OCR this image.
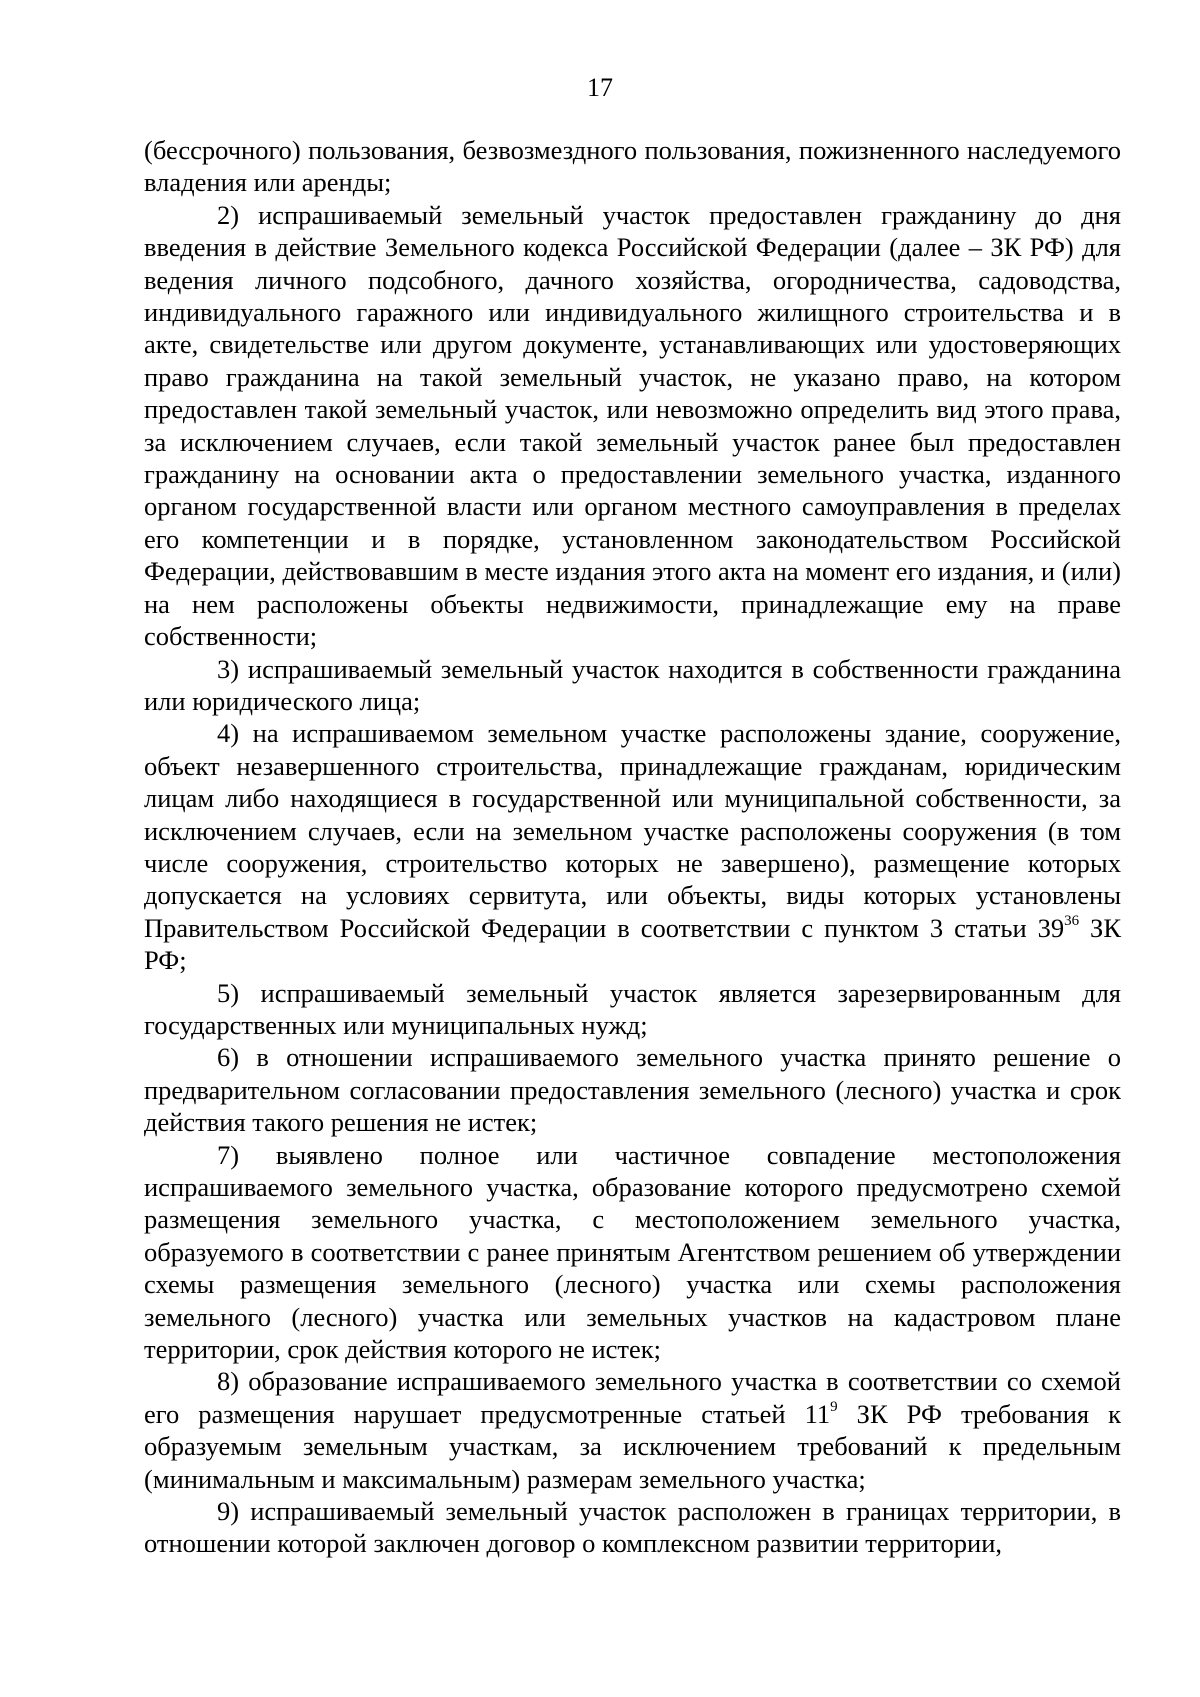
17

(бессрочного) пользования, безвозмездного пользования, пожизненного наследуемого владения или аренды;

2) испрашиваемый земельный участок предоставлен гражданину до дня введения в действие Земельного кодекса Российской Федерации (далее – ЗК РФ) для ведения личного подсобного, дачного хозяйства, огородничества, садоводства, индивидуального гаражного или индивидуального жилищного строительства и в акте, свидетельстве или другом документе, устанавливающих или удостоверяющих право гражданина на такой земельный участок, не указано право, на котором предоставлен такой земельный участок, или невозможно определить вид этого права, за исключением случаев, если такой земельный участок ранее был предоставлен гражданину на основании акта о предоставлении земельного участка, изданного органом государственной власти или органом местного самоуправления в пределах его компетенции и в порядке, установленном законодательством Российской Федерации, действовавшим в месте издания этого акта на момент его издания, и (или) на нем расположены объекты недвижимости, принадлежащие ему на праве собственности;

3) испрашиваемый земельный участок находится в собственности гражданина или юридического лица;

4) на испрашиваемом земельном участке расположены здание, сооружение, объект незавершенного строительства, принадлежащие гражданам, юридическим лицам либо находящиеся в государственной или муниципальной собственности, за исключением случаев, если на земельном участке расположены сооружения (в том числе сооружения, строительство которых не завершено), размещение которых допускается на условиях сервитута, или объекты, виды которых установлены Правительством Российской Федерации в соответствии с пунктом 3 статьи $39^{36}$ ЗК РФ;

5) испрашиваемый земельный участок является зарезервированным для государственных или муниципальных нужд;

6) в отношении испрашиваемого земельного участка принято решение о предварительном согласовании предоставления земельного (лесного) участка и срок действия такого решения не истек;

7) выявлено полное или частичное совпадение местоположения испрашиваемого земельного участка, образование которого предусмотрено схемой размещения земельного участка, с местоположением земельного участка, образуемого в соответствии с ранее принятым Агентством решением об утверждении схемы размещения земельного (лесного) участка или схемы расположения земельного (лесного) участка или земельных участков на кадастровом плане территории, срок действия которого не истек;

8) образование испрашиваемого земельного участка в соответствии со схемой его размещения нарушает предусмотренные статьей $11^9$ ЗК РФ требования к образуемым земельным участкам, за исключением требований к предельным (минимальным и максимальным) размерам земельного участка;

9) испрашиваемый земельный участок расположен в границах территории, в отношении которой заключен договор о комплексном развитии территории,
